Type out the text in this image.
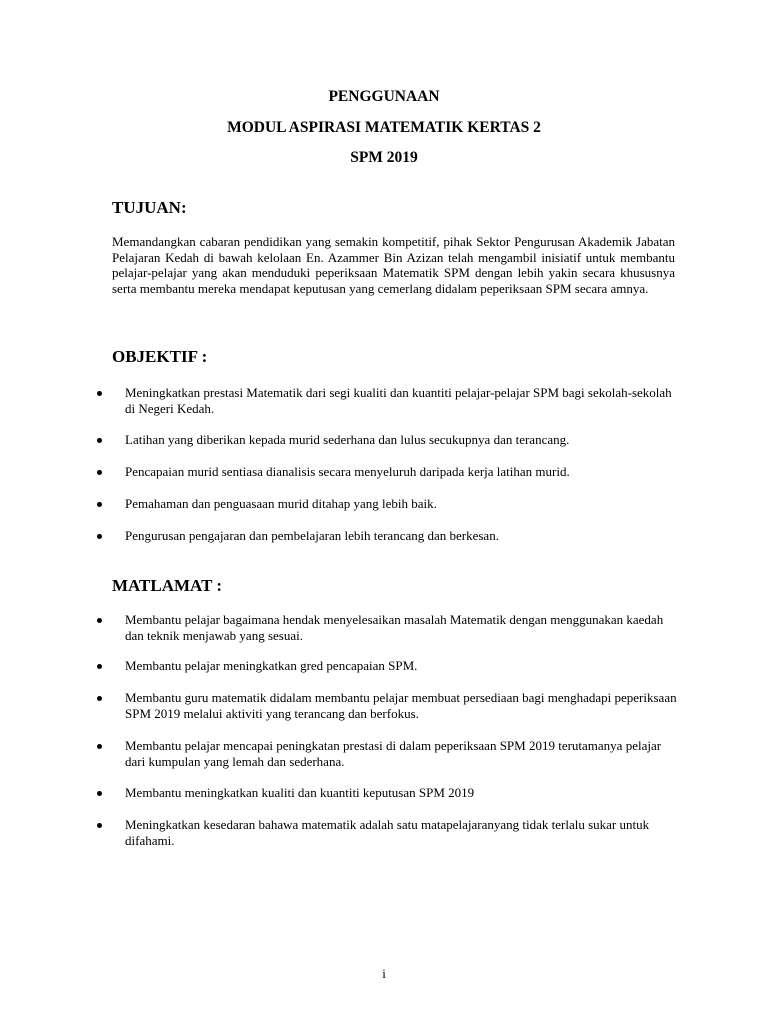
PENGGUNAAN
MODUL ASPIRASI MATEMATIK KERTAS 2
SPM 2019
TUJUAN:
Memandangkan cabaran pendidikan yang semakin kompetitif, pihak Sektor Pengurusan Akademik Jabatan Pelajaran Kedah di bawah kelolaan En. Azammer Bin Azizan telah mengambil inisiatif untuk membantu pelajar-pelajar yang akan menduduki peperiksaan Matematik SPM dengan lebih yakin secara khususnya serta membantu mereka mendapat keputusan yang cemerlang didalam peperiksaan SPM secara amnya.
OBJEKTIF :
Meningkatkan prestasi Matematik dari segi kualiti dan kuantiti pelajar-pelajar SPM bagi sekolah-sekolah di Negeri Kedah.
Latihan yang diberikan kepada murid sederhana dan lulus secukupnya dan terancang.
Pencapaian murid sentiasa dianalisis secara menyeluruh daripada kerja latihan murid.
Pemahaman dan penguasaan murid ditahap yang lebih baik.
Pengurusan pengajaran dan pembelajaran lebih terancang dan berkesan.
MATLAMAT :
Membantu pelajar bagaimana hendak menyelesaikan masalah Matematik dengan menggunakan kaedah dan teknik menjawab yang sesuai.
Membantu pelajar meningkatkan gred pencapaian SPM.
Membantu guru matematik didalam membantu pelajar membuat persediaan bagi menghadapi peperiksaan SPM 2019 melalui aktiviti yang terancang dan berfokus.
Membantu pelajar mencapai peningkatan prestasi di dalam peperiksaan SPM 2019 terutamanya pelajar dari kumpulan yang lemah dan sederhana.
Membantu meningkatkan kualiti dan kuantiti keputusan SPM 2019
Meningkatkan kesedaran bahawa matematik adalah satu matapelajaranyang tidak terlalu sukar untuk difahami.
i
